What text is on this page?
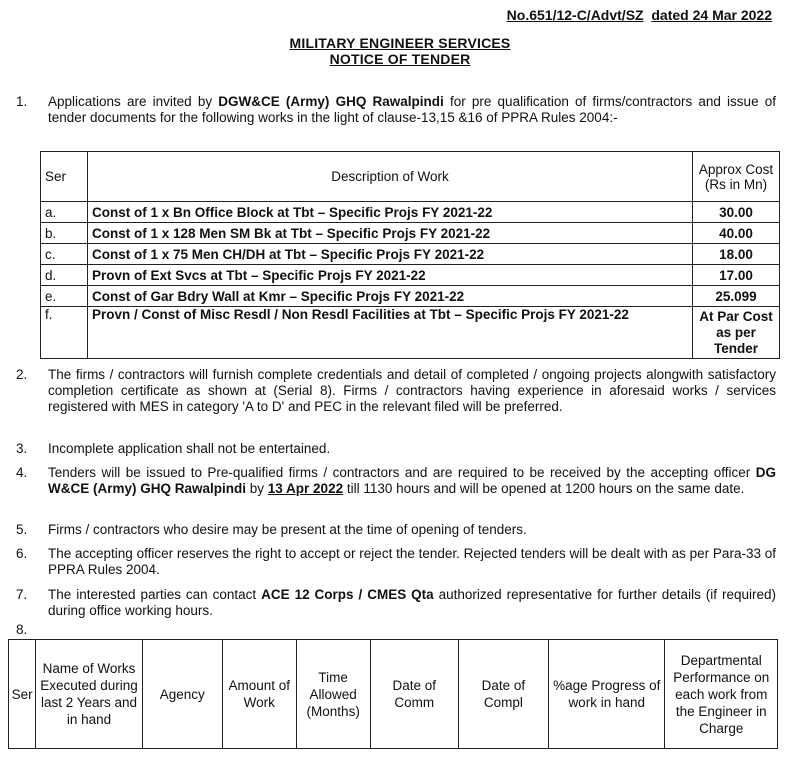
No.651/12-C/Advt/SZ dated 24 Mar 2022
MILITARY ENGINEER SERVICES
NOTICE OF TENDER
1.	Applications are invited by DGW&CE (Army) GHQ Rawalpindi for pre qualification of firms/contractors and issue of tender documents for the following works in the light of clause-13,15 &16 of PPRA Rules 2004:-
Ser	Description of Work	Approx Cost (Rs in Mn)
a.	Const of 1 x Bn Office Block at Tbt – Specific Projs FY 2021-22	30.00
b.	Const of 1 x 128 Men SM Bk at Tbt – Specific Projs FY 2021-22	40.00
c.	Const of 1 x 75 Men CH/DH at Tbt – Specific Projs FY 2021-22	18.00
d.	Provn of Ext Svcs at Tbt – Specific Projs FY 2021-22	17.00
e.	Const of Gar Bdry Wall at Kmr – Specific Projs FY 2021-22	25.099
f.	Provn / Const of Misc Resdl / Non Resdl Facilities at Tbt – Specific Projs FY 2021-22	At Par Cost as per Tender
2.	The firms / contractors will furnish complete credentials and detail of completed / ongoing projects alongwith satisfactory completion certificate as shown at (Serial 8). Firms / contractors having experience in aforesaid works / services registered with MES in category 'A to D' and PEC in the relevant filed will be preferred.
3.	Incomplete application shall not be entertained.
4.	Tenders will be issued to Pre-qualified firms / contractors and are required to be received by the accepting officer DG W&CE (Army) GHQ Rawalpindi by 13 Apr 2022 till 1130 hours and will be opened at 1200 hours on the same date.
5.	Firms / contractors who desire may be present at the time of opening of tenders.
6.	The accepting officer reserves the right to accept or reject the tender. Rejected tenders will be dealt with as per Para-33 of PPRA Rules 2004.
7.	The interested parties can contact ACE 12 Corps / CMES Qta authorized representative for further details (if required) during office working hours.
8.
Ser	Name of Works Executed during last 2 Years and in hand	Agency	Amount of Work	Time Allowed (Months)	Date of Comm	Date of Compl	%age Progress of work in hand	Departmental Performance on each work from the Engineer in Charge
